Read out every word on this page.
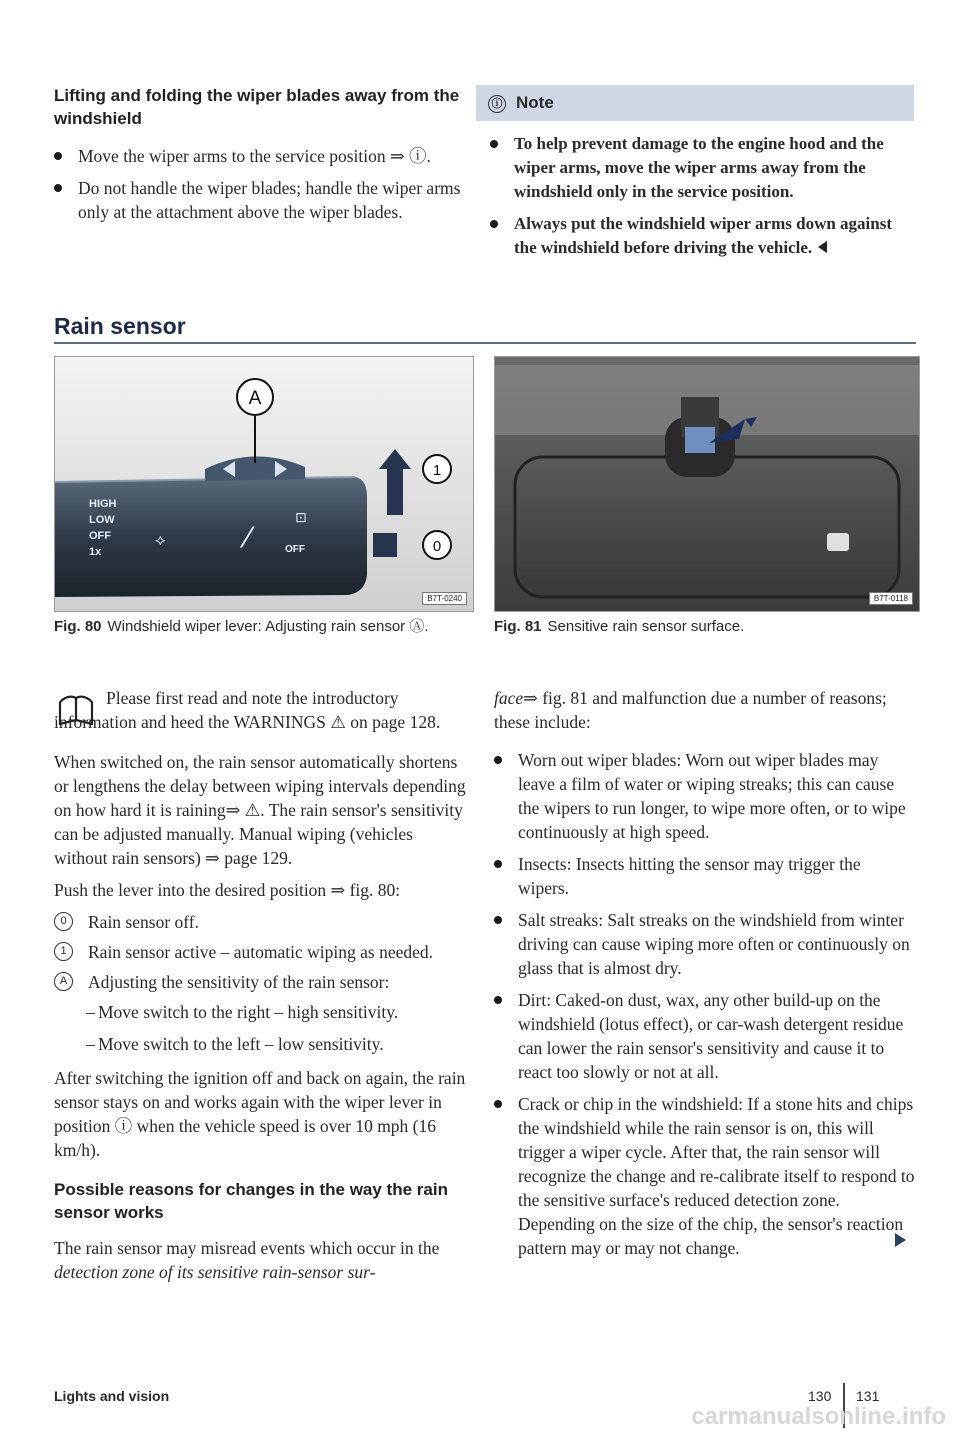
Lifting and folding the wiper blades away from the windshield

Move the wiper arms to the service position ⇒ ⓘ.

Do not handle the wiper blades; handle the wiper arms only at the attachment above the wiper blades.

ⓘ Note

To help prevent damage to the engine hood and the wiper arms, move the wiper arms away from the windshield only in the service position.

Always put the windshield wiper arms down against the windshield before driving the vehicle.

Rain sensor
A
HIGH
LOW
OFF
1x
⟡	⁄
⊡
OFF
1
0
B7T-0240
Fig. 80 Windshield wiper lever: Adjusting rain sensor Ⓐ.
B7T-0118
Fig. 81 Sensitive rain sensor surface.

Please first read and note the introductory information and heed the WARNINGS ⚠ on page 128.

When switched on, the rain sensor automatically shortens or lengthens the delay between wiping intervals depending on how hard it is raining⇒ ⚠. The rain sensor's sensitivity can be adjusted manually. Manual wiping (vehicles without rain sensors) ⇒ page 129.

Push the lever into the desired position ⇒ fig. 80:

0	Rain sensor off.
1	Rain sensor active – automatic wiping as needed.
A	Adjusting the sensitivity of the rain sensor:

– Move switch to the right – high sensitivity.

– Move switch to the left – low sensitivity.

After switching the ignition off and back on again, the rain sensor stays on and works again with the wiper lever in position ⓘ when the vehicle speed is over 10 mph (16 km/h).

Possible reasons for changes in the way the rain sensor works

The rain sensor may misread events which occur in the detection zone of its sensitive rain-sensor sur-

face⇒ fig. 81 and malfunction due a number of reasons; these include:

Worn out wiper blades: Worn out wiper blades may leave a film of water or wiping streaks; this can cause the wipers to run longer, to wipe more often, or to wipe continuously at high speed.

Insects: Insects hitting the sensor may trigger the wipers.

Salt streaks: Salt streaks on the windshield from winter driving can cause wiping more often or continuously on glass that is almost dry.

Dirt: Caked-on dust, wax, any other build-up on the windshield (lotus effect), or car-wash detergent residue can lower the rain sensor's sensitivity and cause it to react too slowly or not at all.

Crack or chip in the windshield: If a stone hits and chips the windshield while the rain sensor is on, this will trigger a wiper cycle. After that, the rain sensor will recognize the change and re-calibrate itself to respond to the sensitive surface's reduced detection zone. Depending on the size of the chip, the sensor's reaction pattern may or may not change.

Lights and vision	130 131
carmanualsonline.info
